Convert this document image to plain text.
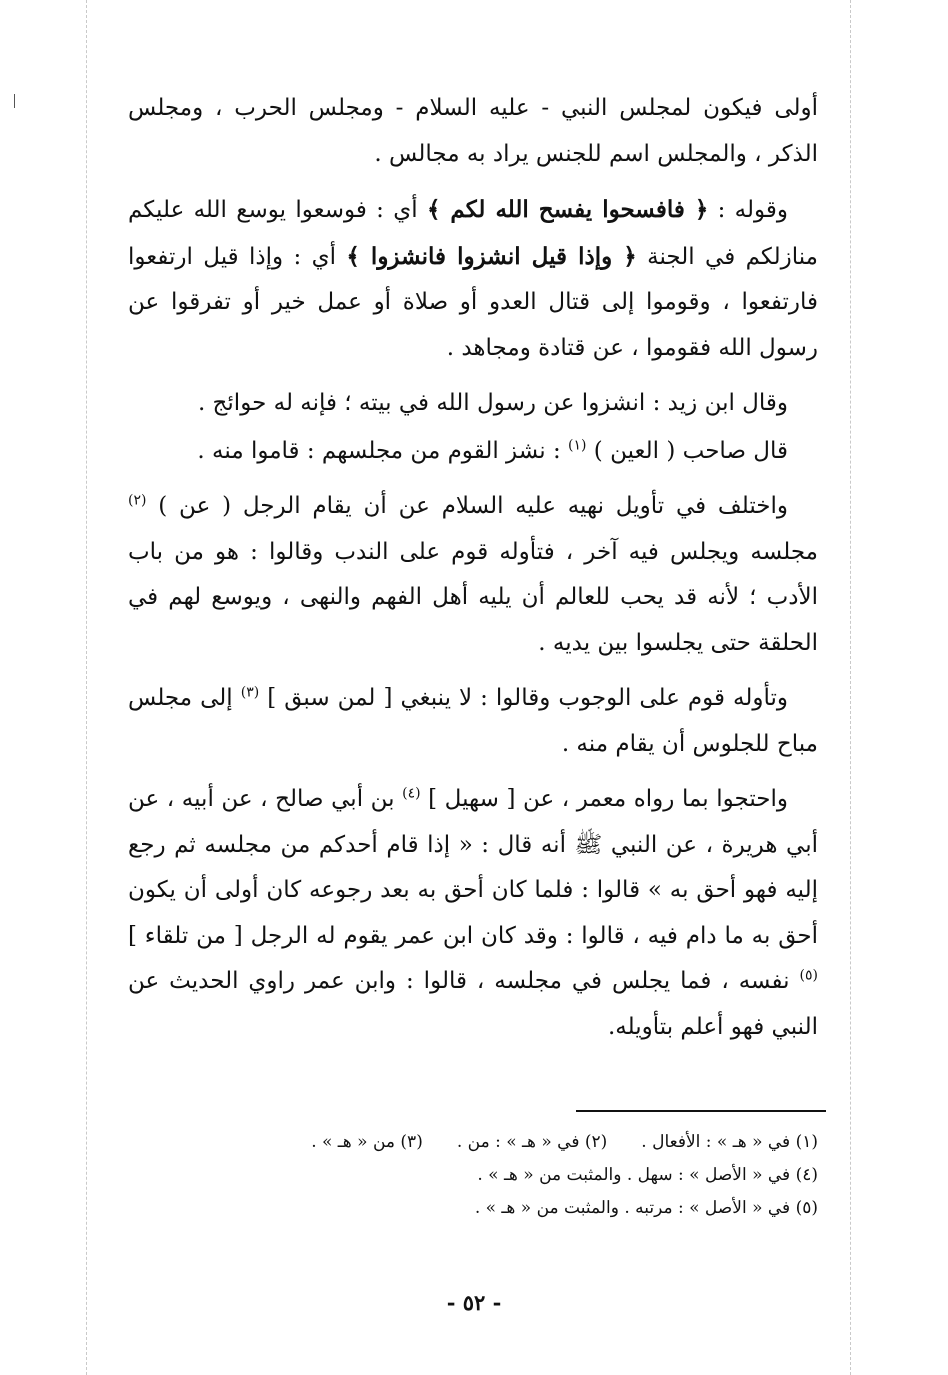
أولى فيكون لمجلس النبي - عليه السلام - ومجلس الحرب ، ومجلس الذكر ، والمجلس اسم للجنس يراد به مجالس .

وقوله : ﴿ فافسحوا يفسح الله لكم ﴾ أي : فوسعوا يوسع الله عليكم منازلكم في الجنة ﴿ وإذا قيل انشزوا فانشزوا ﴾ أي : وإذا قيل ارتفعوا فارتفعوا ، وقوموا إلى قتال العدو أو صلاة أو عمل خير أو تفرقوا عن رسول الله فقوموا ، عن قتادة ومجاهد .

وقال ابن زيد : انشزوا عن رسول الله في بيته ؛ فإنه له حوائج .

قال صاحب ( العين ) $^{(١)}$ : نشز القوم من مجلسهم : قاموا منه .

واختلف في تأويل نهيه عليه السلام عن أن يقام الرجل ( عن ) $^{(٢)}$ مجلسه ويجلس فيه آخر ، فتأوله قوم على الندب وقالوا : هو من باب الأدب ؛ لأنه قد يحب للعالم أن يليه أهل الفهم والنهى ، ويوسع لهم في الحلقة حتى يجلسوا بين يديه .

وتأوله قوم على الوجوب وقالوا : لا ينبغي [ لمن سبق ] $^{(٣)}$ إلى مجلس مباح للجلوس أن يقام منه .

واحتجوا بما رواه معمر ، عن [ سهيل ] $^{(٤)}$ بن أبي صالح ، عن أبيه ، عن أبي هريرة ، عن النبي ﷺ أنه قال : « إذا قام أحدكم من مجلسه ثم رجع إليه فهو أحق به » قالوا : فلما كان أحق به بعد رجوعه كان أولى أن يكون أحق به ما دام فيه ، قالوا : وقد كان ابن عمر يقوم له الرجل [ من تلقاء ] $^{(٥)}$ نفسه ، فما يجلس في مجلسه ، قالوا : وابن عمر راوي الحديث عن النبي فهو أعلم بتأويله.

(١) في « هـ » : الأفعال .
(٢) في « هـ » : من .
(٣) من « هـ » .
(٤) في « الأصل » : سهل . والمثبت من « هـ » .
(٥) في « الأصل » : مرتبه . والمثبت من « هـ » .
- ٥٢ -
